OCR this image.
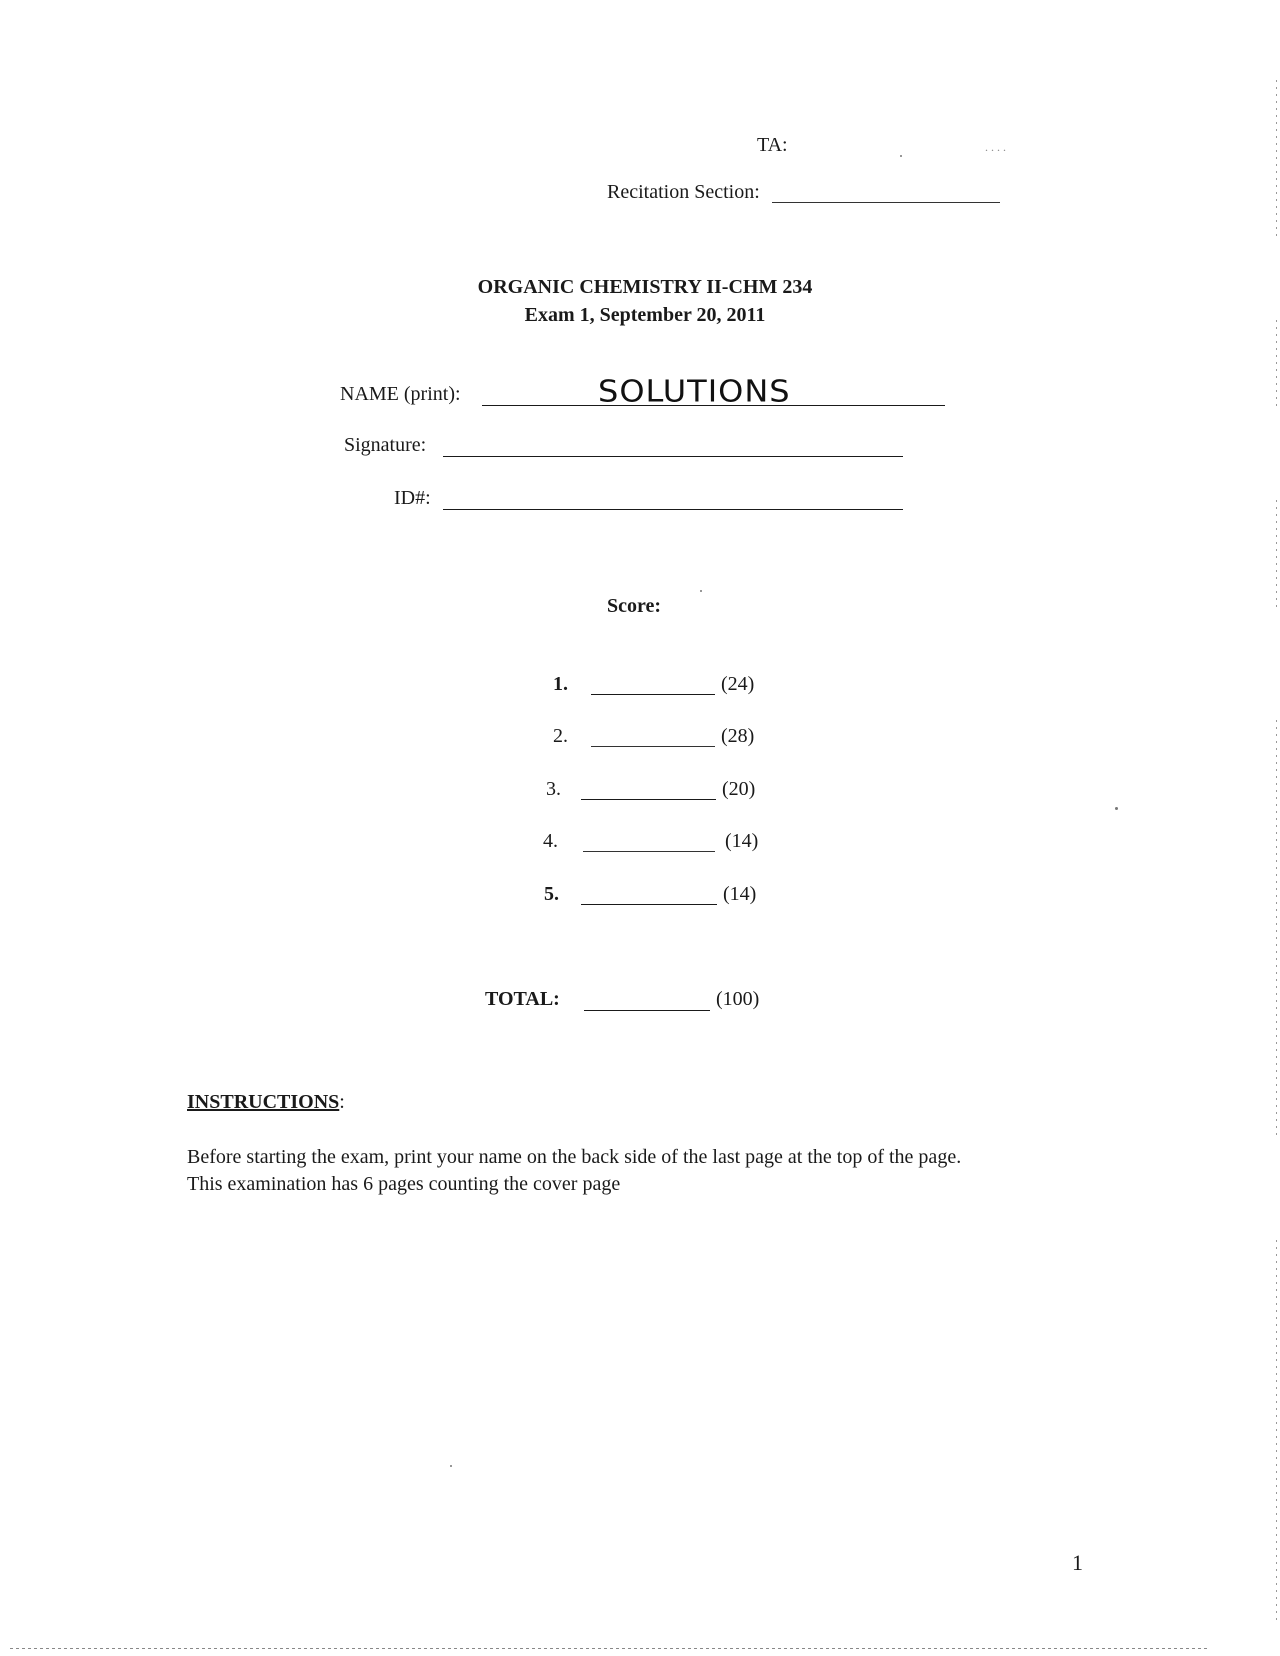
TA:	. . . .
Recitation Section:
ORGANIC CHEMISTRY II-CHM 234
Exam 1, September 20, 2011
NAME (print):	SOLUTIONS
Signature:
ID#:
Score:
1.	(24)
2.	(28)
3.	(20)
4.	(14)
5.	(14)
TOTAL:	(100)
INSTRUCTIONS:
Before starting the exam, print your name on the back side of the last page at the top of the page.
This examination has 6 pages counting the cover page
1
